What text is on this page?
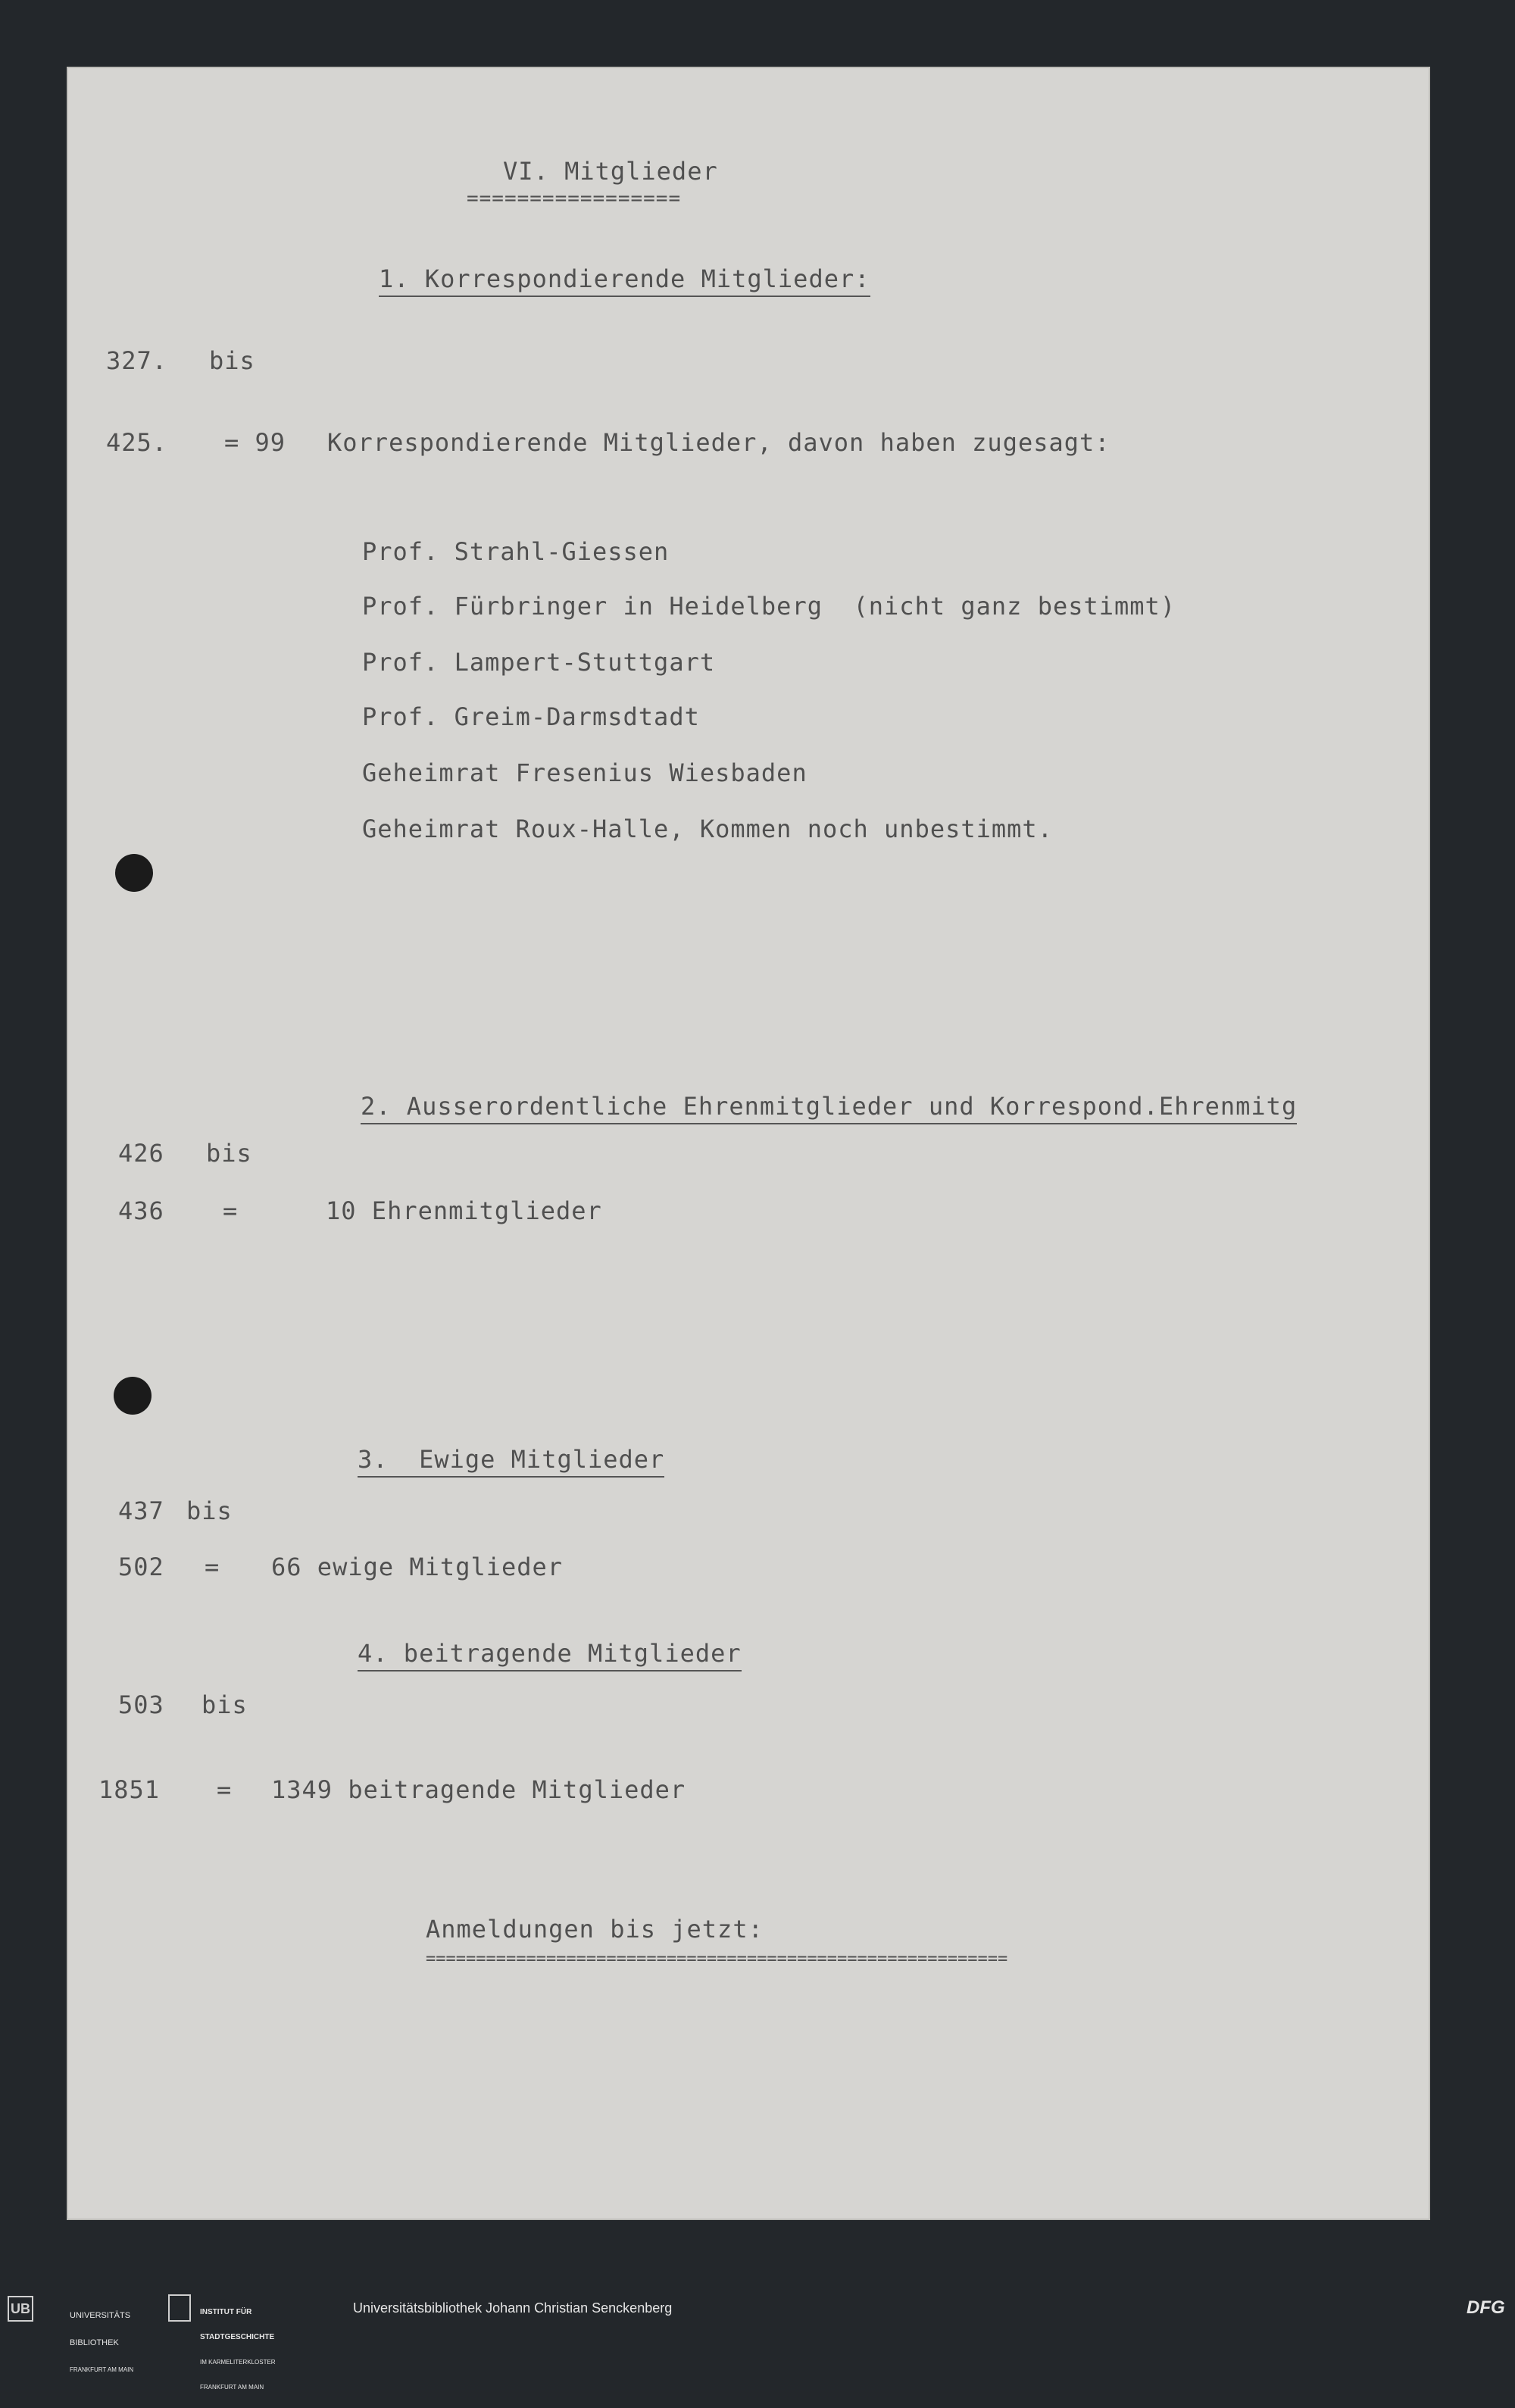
VI. Mitglieder
=================
1. Korrespondierende Mitglieder:
327. bis
425. = 99 Korrespondierende Mitglieder, davon haben zugesagt:
Prof. Strahl-Giessen
Prof. Fürbringer in Heidelberg  (nicht ganz bestimmt)
Prof. Lampert-Stuttgart
Prof. Greim-Darmsdtadt
Geheimrat Fresenius Wiesbaden
Geheimrat Roux-Halle, Kommen noch unbestimmt.
2. Ausserordentliche Ehrenmitglieder und Korrespond.Ehrenmitg
426 bis
436 =	10 Ehrenmitglieder
3.  Ewige Mitglieder
437 bis
502 = 66 ewige Mitglieder
4. beitragende Mitglieder
503 bis
1851 = 1349 beitragende Mitglieder
Anmeldungen bis jetzt:
==========================================================
UB

	UNIVERSITÄTS

BIBLIOTHEK

FRANKFURT AM MAIN

INSTITUT FÜR

STADTGESCHICHTE

IM KARMELITERKLOSTER

FRANKFURT AM MAIN

Universitätsbibliothek Johann Christian Senckenberg	DFG
